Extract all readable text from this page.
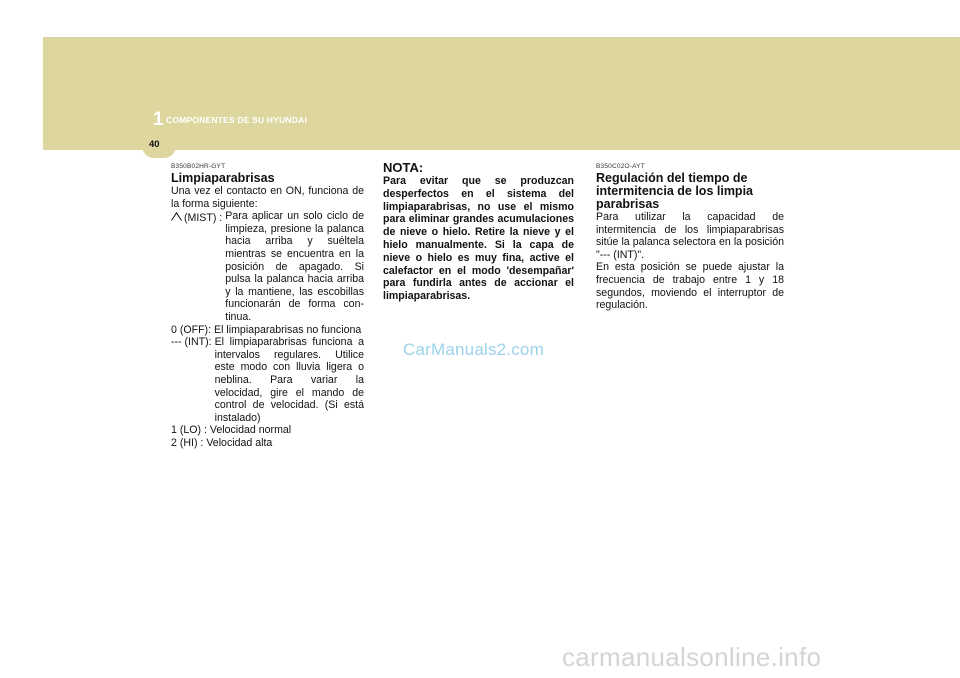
1 COMPONENTES DE SU HYUNDAI
40
B350B02HR-GYT
Limpiaparabrisas
Una vez el contacto en ON, funciona de la forma siguiente:
(MIST) : Para aplicar un solo ciclo de limpieza, presione la palanca hacia arriba y suéltela mientras se encuentra en la posición de apagado. Si pulsa la palanca hacia arriba y la mantiene, las escobillas funcionarán de forma con- tinua.
0 (OFF): El limpiaparabrisas no funciona
--- (INT): El limpiaparabrisas funciona a intervalos regulares. Utilice este modo con lluvia ligera o neblina. Para variar la velocidad, gire el mando de control de velocidad. (Si está instalado)
1 (LO) : Velocidad normal
2 (HI) : Velocidad alta
NOTA:
Para evitar que se produzcan desperfectos en el sistema del limpiaparabrisas, no use el mismo para eliminar grandes acumulaciones de nieve o hielo. Retire la nieve y el hielo manualmente. Si la capa de nieve o hielo es muy fina, active el calefactor en el modo 'desempañar' para fundirla antes de accionar el limpiaparabrisas.
B350C02O-AYT
Regulación del tiempo de intermitencia de los limpia parabrisas
Para utilizar la capacidad de intermitencia de los limpiaparabrisas sitúe la palanca selectora en la posición "--- (INT)".
En esta posición se puede ajustar la frecuencia de trabajo entre 1 y 18 segundos, moviendo el interruptor de regulación.
CarManuals2.com
carmanualsonline.info
